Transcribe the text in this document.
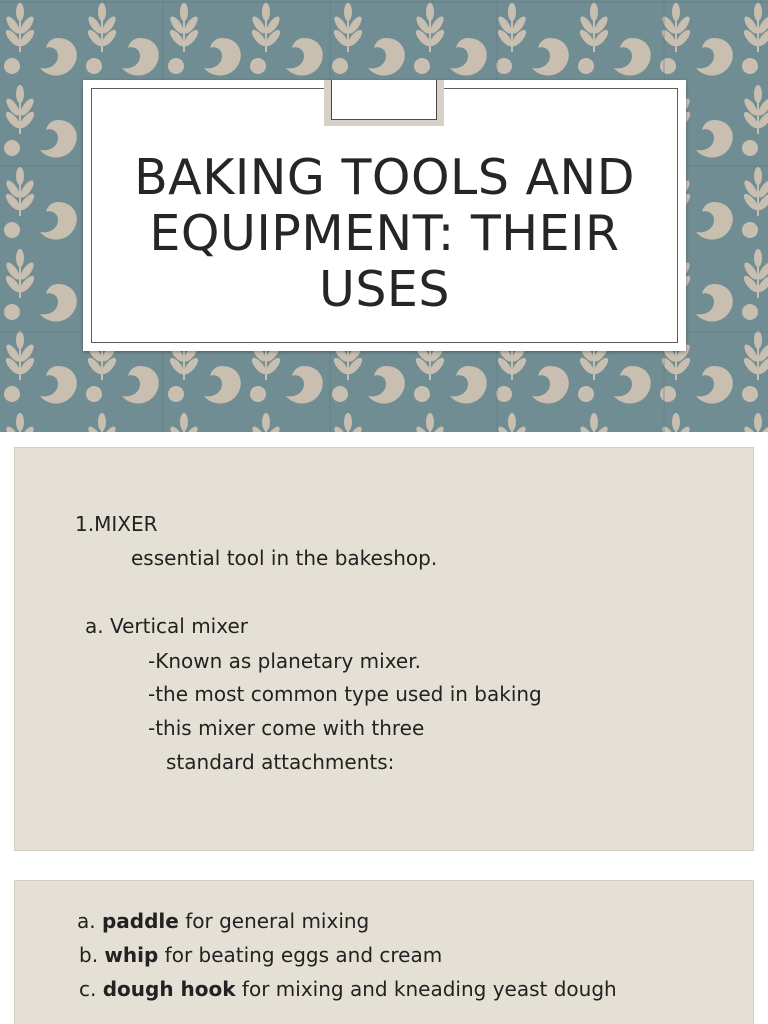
BAKING TOOLS AND
EQUIPMENT: THEIR
USES
1.MIXER
essential tool in the bakeshop.
a. Vertical mixer
-Known as planetary mixer.
-the most common type used in baking
-this mixer come with three
standard attachments:
a. paddle for general mixing
b. whip for beating eggs and cream
c. dough hook for mixing and kneading yeast dough
